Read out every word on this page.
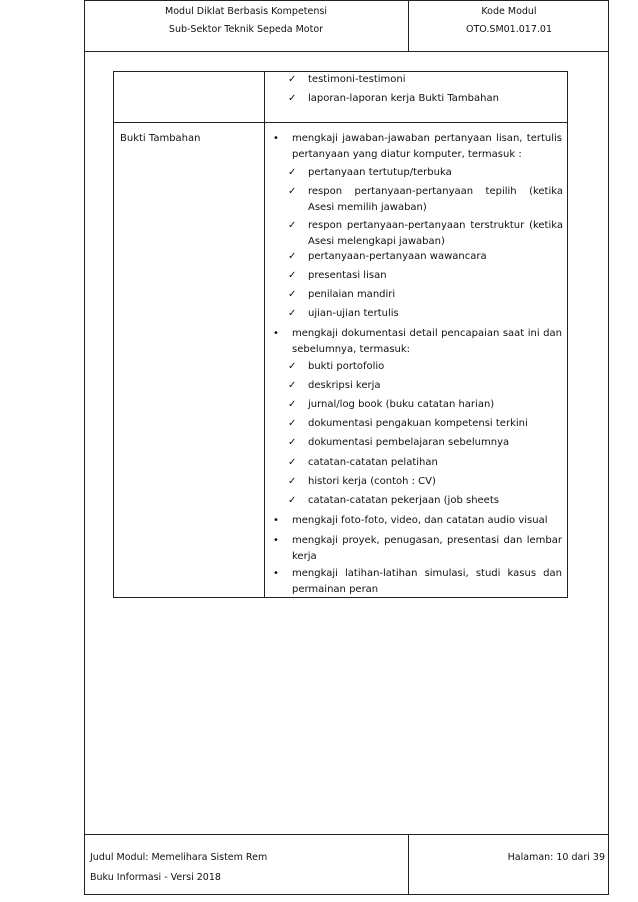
Modul Diklat Berbasis Kompetensi
Sub-Sektor Teknik Sepeda Motor
Kode Modul
OTO.SM01.017.01
Bukti Tambahan
✓ testimoni-testimoni
✓ laporan-laporan kerja Bukti Tambahan
• mengkaji jawaban-jawaban pertanyaan lisan, tertulis pertanyaan yang diatur komputer, termasuk :
✓ pertanyaan tertutup/terbuka
✓ respon pertanyaan-pertanyaan tepilih (ketika Asesi memilih jawaban)
✓ respon pertanyaan-pertanyaan terstruktur (ketika Asesi melengkapi jawaban)
✓ pertanyaan-pertanyaan wawancara
✓ presentasi lisan
✓ penilaian mandiri
✓ ujian-ujian tertulis
• mengkaji dokumentasi detail pencapaian saat ini dan sebelumnya, termasuk:
✓ bukti portofolio
✓ deskripsi kerja
✓ jurnal/log book (buku catatan harian)
✓ dokumentasi pengakuan kompetensi terkini
✓ dokumentasi pembelajaran sebelumnya
✓ catatan-catatan pelatihan
✓ histori kerja (contoh : CV)
✓ catatan-catatan pekerjaan (job sheets
• mengkaji foto-foto, video, dan catatan audio visual
• mengkaji proyek, penugasan, presentasi dan lembar kerja
• mengkaji latihan-latihan simulasi, studi kasus dan permainan peran
Judul Modul: Memelihara Sistem Rem
Buku Informasi - Versi 2018
Halaman: 10 dari 39
